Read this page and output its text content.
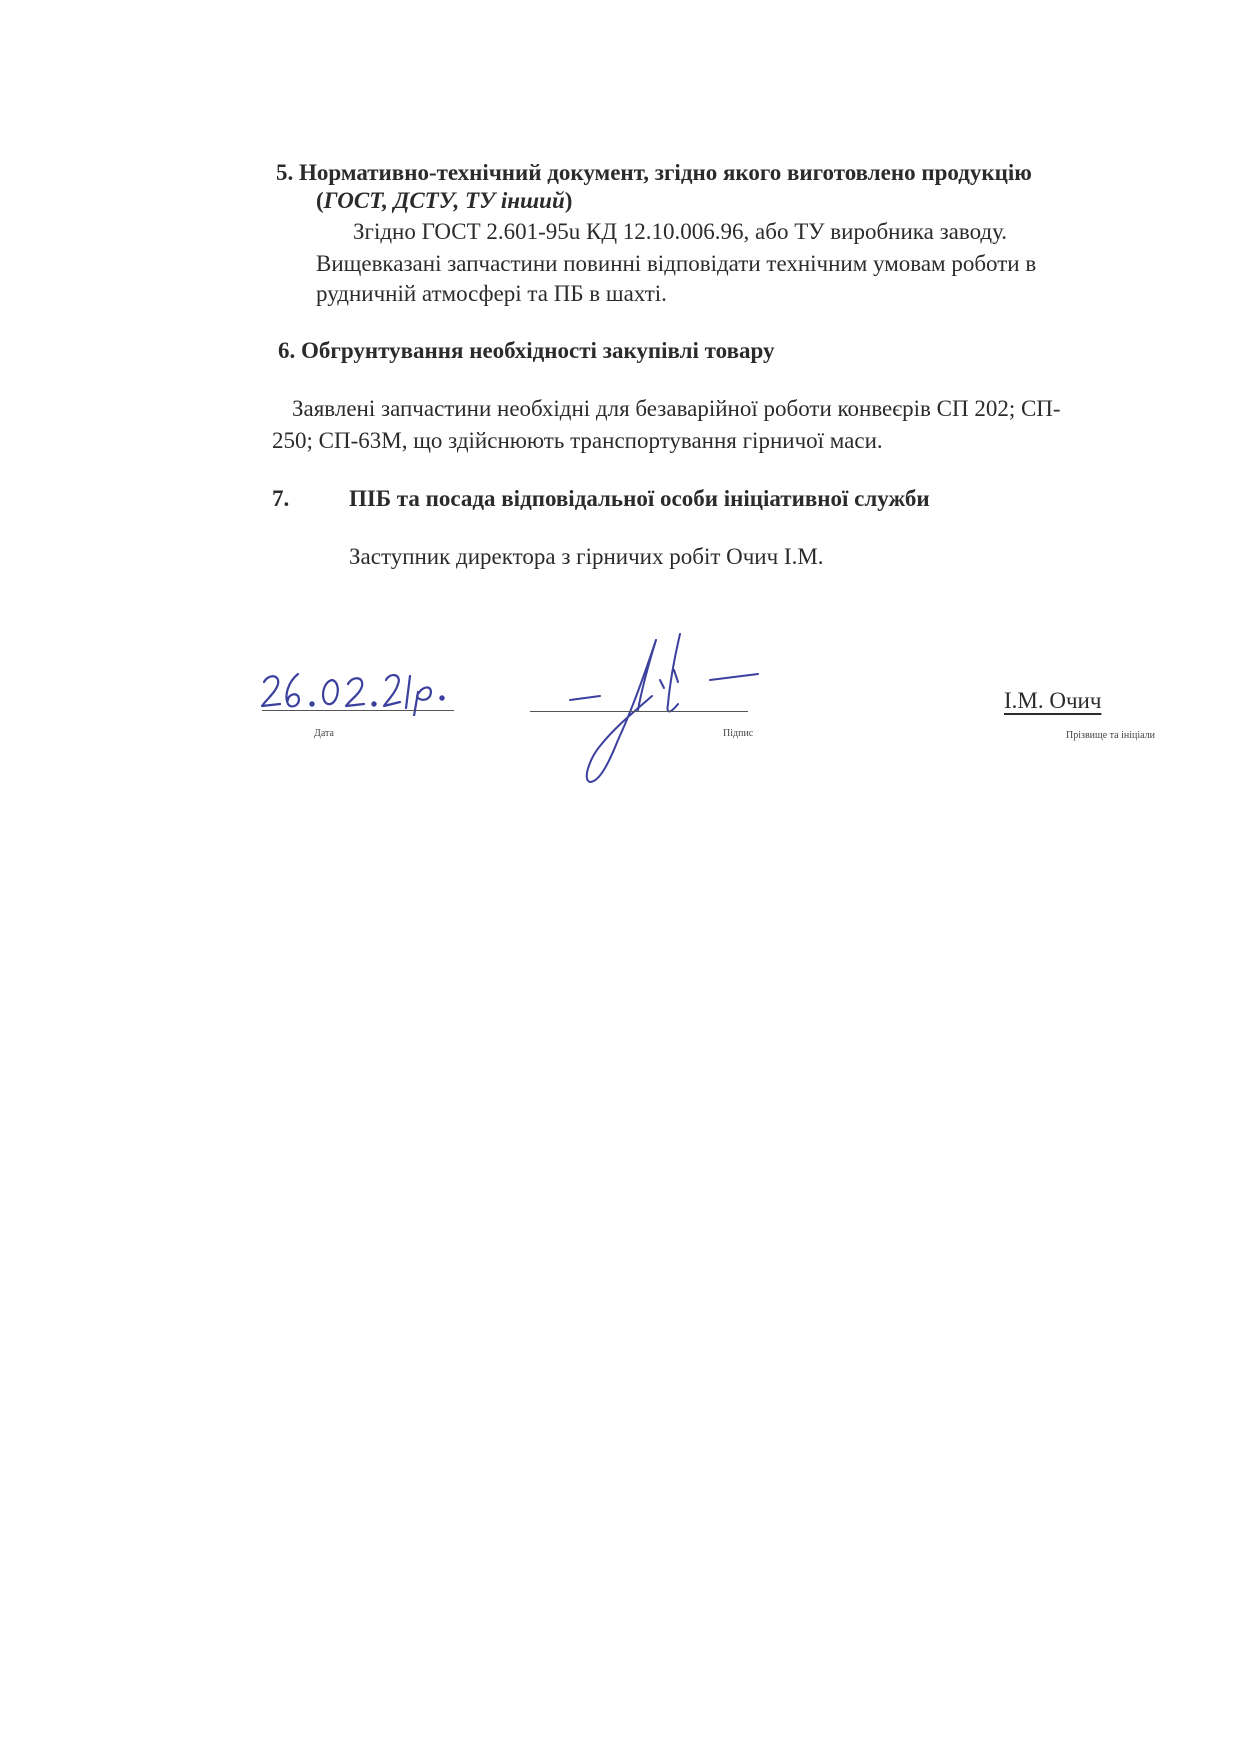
5. Нормативно-технічний документ, згідно якого виготовлено продукцію
(ГОСТ, ДСТУ, ТУ інший)
Згідно ГОСТ 2.601-95u КД 12.10.006.96, або ТУ виробника заводу.
Вищевказані запчастини повинні відповідати технічним умовам роботи в
рудничній атмосфері та ПБ в шахті.
6. Обгрунтування необхідності закупівлі товару
Заявлені запчастини необхідні для безаварійної роботи конвеєрів СП 202; СП-
250; СП-63М, що здійснюють транспортування гірничої маси.
7.	ПІБ та посада відповідальної особи ініціативної служби
Заступник директора з гірничих робіт Очич І.М.
Дата	Підпис
І.М. Очич
Прізвище та ініціали
